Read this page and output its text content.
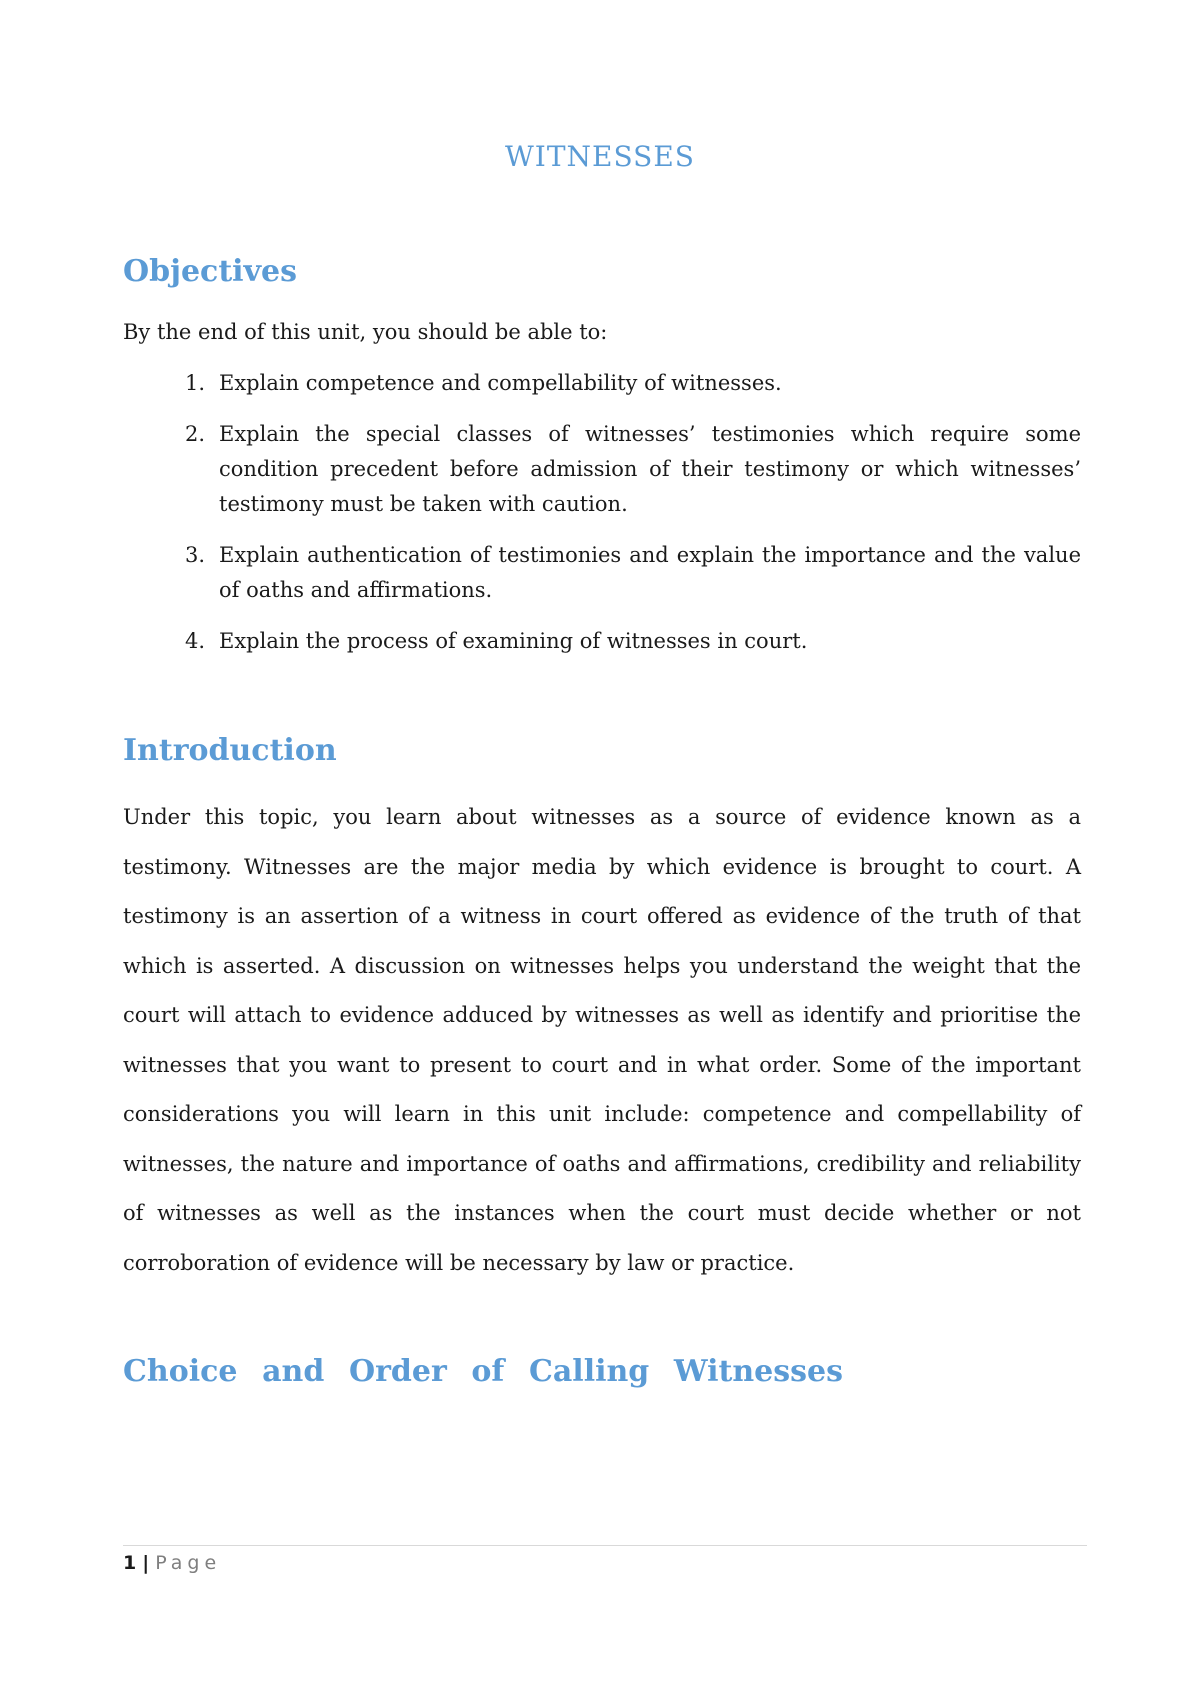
WITNESSES
Objectives

By the end of this unit, you should be able to:

1. Explain competence and compellability of witnesses.
2. Explain the special classes of witnesses’ testimonies which require some condition precedent before admission of their testimony or which witnesses’ testimony must be taken with caution.
3. Explain authentication of testimonies and explain the importance and the value of oaths and affirmations.
4. Explain the process of examining of witnesses in court.
Introduction

Under this topic, you learn about witnesses as a source of evidence known as a testimony. Witnesses are the major media by which evidence is brought to court. A testimony is an assertion of a witness in court offered as evidence of the truth of that which is asserted. A discussion on witnesses helps you understand the weight that the court will attach to evidence adduced by witnesses as well as identify and prioritise the witnesses that you want to present to court and in what order. Some of the important considerations you will learn in this unit include: competence and compellability of witnesses, the nature and importance of oaths and affirmations, credibility and reliability of witnesses as well as the instances when the court must decide whether or not corroboration of evidence will be necessary by law or practice.

Choice and Order of Calling Witnesses
1 | Page
